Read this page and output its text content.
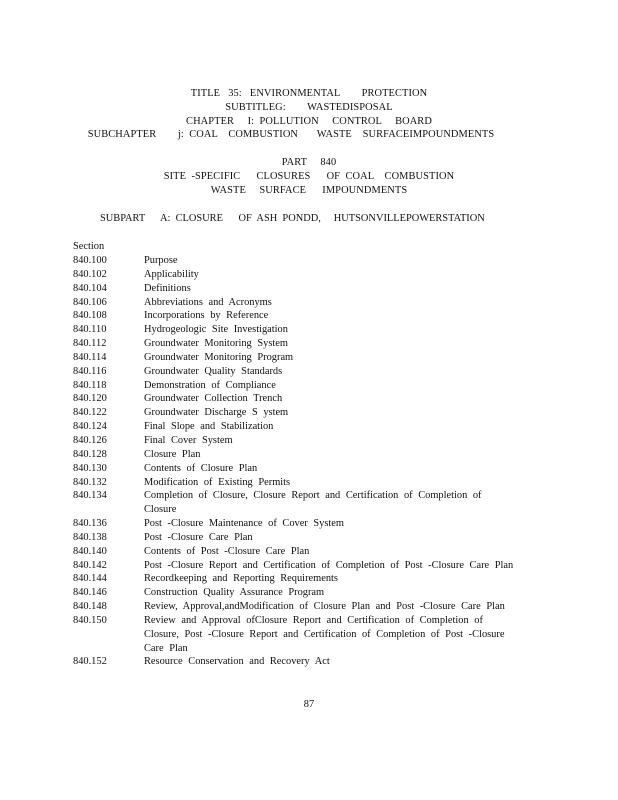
TITLE   35:   ENVIRONMENTAL        PROTECTION
SUBTITLEG:        WASTEDISPOSAL
CHAPTER     I:  POLLUTION     CONTROL     BOARD
SUBCHAPTER        j:  COAL    COMBUSTION       WASTE    SURFACEIMPOUNDMENTS
PART     840
SITE  -SPECIFIC      CLOSURES      OF  COAL    COMBUSTION
WASTE     SURFACE      IMPOUNDMENTS
SUBPART      A:  CLOSURE      OF  ASH  PONDD,     HUTSONVILLEPOWERSTATION
Section
840.100	Purpose
840.102	Applicability
840.104	Definitions
840.106	Abbreviations and Acronyms
840.108	Incorporations by Reference
840.110	Hydrogeologic Site Investigation
840.112	Groundwater Monitoring System
840.114	Groundwater Monitoring Program
840.116	Groundwater Quality Standards
840.118	Demonstration of Compliance
840.120	Groundwater Collection Trench
840.122	Groundwater Discharge S ystem
840.124	Final Slope and Stabilization
840.126	Final Cover System
840.128	Closure Plan
840.130	Contents of Closure Plan
840.132	Modification of Existing Permits
840.134	Completion of Closure, Closure Report and Certification of Completion of
Closure
840.136	Post -Closure Maintenance of Cover System
840.138	Post -Closure Care Plan
840.140	Contents of Post -Closure Care Plan
840.142	Post -Closure Report and Certification of Completion of Post -Closure Care Plan
840.144	Recordkeeping and Reporting Requirements
840.146	Construction Quality Assurance Program
840.148	Review, Approval,andModification of Closure Plan and Post -Closure Care Plan
840.150	Review and Approval ofClosure Report and Certification of Completion of
Closure, Post -Closure Report and Certification of Completion of Post -Closure
Care Plan
840.152	Resource Conservation and Recovery Act
87
